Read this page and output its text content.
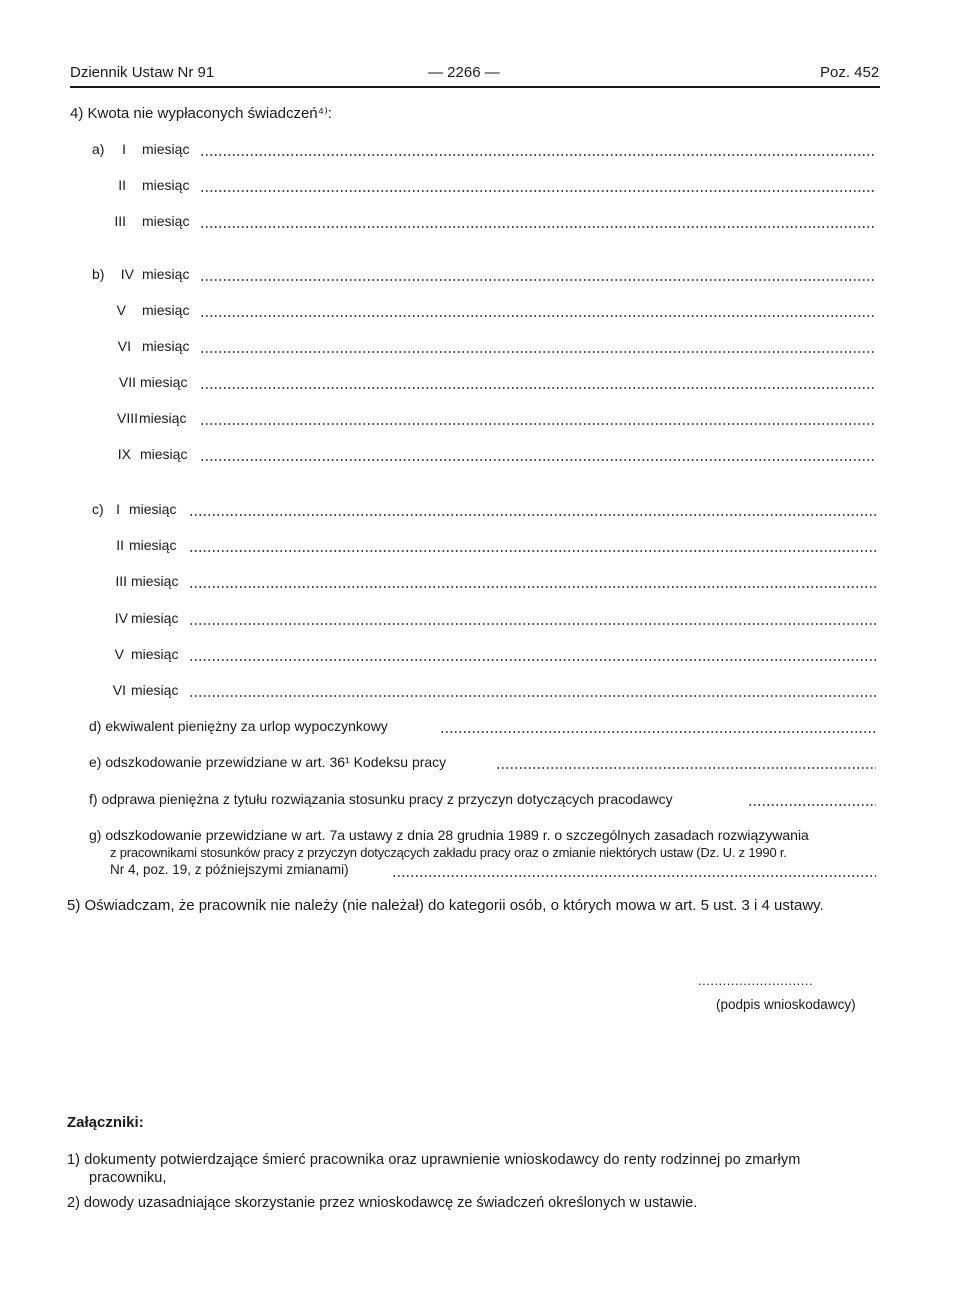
Dziennik Ustaw Nr 91	— 2266 —	Poz. 452
4) Kwota nie wypłaconych świadczeń⁴⁾:
a) I miesiąc
II miesiąc
III miesiąc
b) IV miesiąc
V miesiąc
VI miesiąc
VII miesiąc
VIII miesiąc
IX miesiąc
c) I miesiąc
II miesiąc
III miesiąc
IV miesiąc
V miesiąc
VI miesiąc
d) ekwiwalent pieniężny za urlop wypoczynkowy
e) odszkodowanie przewidziane w art. 36¹ Kodeksu pracy
f) odprawa pieniężna z tytułu rozwiązania stosunku pracy z przyczyn dotyczących pracodawcy
g) odszkodowanie przewidziane w art. 7a ustawy z dnia 28 grudnia 1989 r. o szczególnych zasadach rozwiązywania
z pracownikami stosunków pracy z przyczyn dotyczących zakładu pracy oraz o zmianie niektórych ustaw (Dz. U. z 1990 r.
Nr 4, poz. 19, z późniejszymi zmianami)
5) Oświadczam, że pracownik nie należy (nie należał) do kategorii osób, o których mowa w art. 5 ust. 3 i 4 ustawy.
............................
(podpis wnioskodawcy)
Załączniki:
1) dokumenty potwierdzające śmierć pracownika oraz uprawnienie wnioskodawcy do renty rodzinnej po zmarłym
pracowniku,
2) dowody uzasadniające skorzystanie przez wnioskodawcę ze świadczeń określonych w ustawie.
